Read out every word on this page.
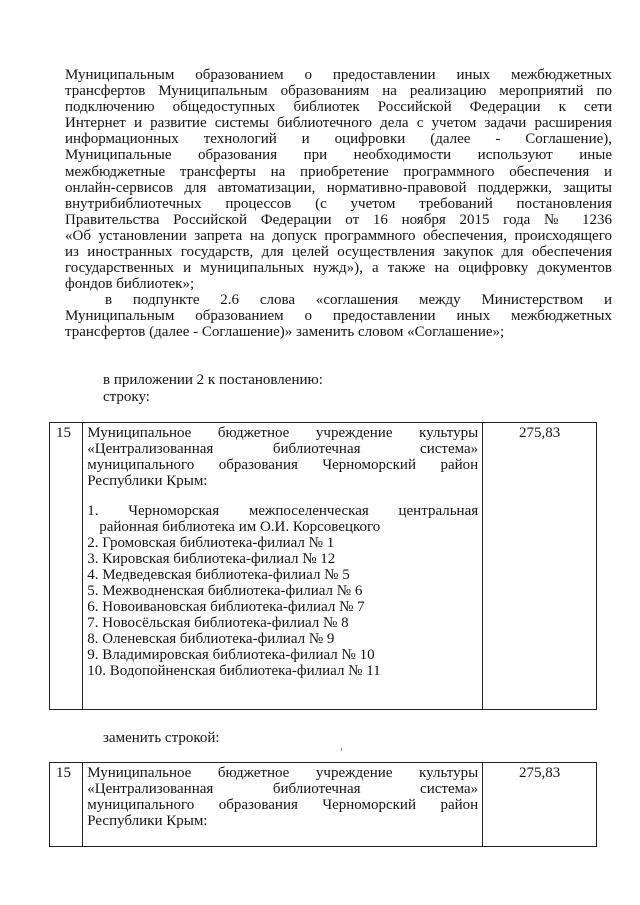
Муниципальным образованием о предоставлении иных межбюджетных
трансфертов Муниципальным образованиям на реализацию мероприятий по
подключению общедоступных библиотек Российской Федерации к сети
Интернет и развитие системы библиотечного дела с учетом задачи расширения
информационных технологий и оцифровки (далее - Соглашение),
Муниципальные образования при необходимости используют иные
межбюджетные трансферты на приобретение программного обеспечения и
онлайн-сервисов для автоматизации, нормативно-правовой поддержки, защиты
внутрибиблиотечных процессов (с учетом требований постановления
Правительства Российской Федерации от 16 ноября 2015 года № 1236
«Об установлении запрета на допуск программного обеспечения, происходящего
из иностранных государств, для целей осуществления закупок для обеспечения
государственных и муниципальных нужд»), а также на оцифровку документов
фондов библиотек»;
в подпункте 2.6 слова «соглашения между Министерством и
Муниципальным образованием о предоставлении иных межбюджетных
трансфертов (далее - Соглашение)» заменить словом «Соглашение»;
в приложении 2 к постановлению:
строку:
15	Муниципальное бюджетное учреждение культуры
«Централизованная библиотечная система»
муниципального образования Черноморский район
Республики Крым:
1. Черноморская межпоселенческая центральная
районная библиотека им О.И. Корсовецкого
2. Громовская библиотека-филиал № 1
3. Кировская библиотека-филиал № 12
4. Медведевская библиотека-филиал № 5
5. Межводненская библиотека-филиал № 6
6. Новоивановская библиотека-филиал № 7
7. Новосёльская библиотека-филиал № 8
8. Оленевская библиотека-филиал № 9
9. Владимировская библиотека-филиал № 10
10. Водопойненская библиотека-филиал № 11
	275,83
заменить строкой:
15	Муниципальное бюджетное учреждение культуры
«Централизованная библиотечная система»
муниципального образования Черноморский район
Республики Крым:
	275,83
